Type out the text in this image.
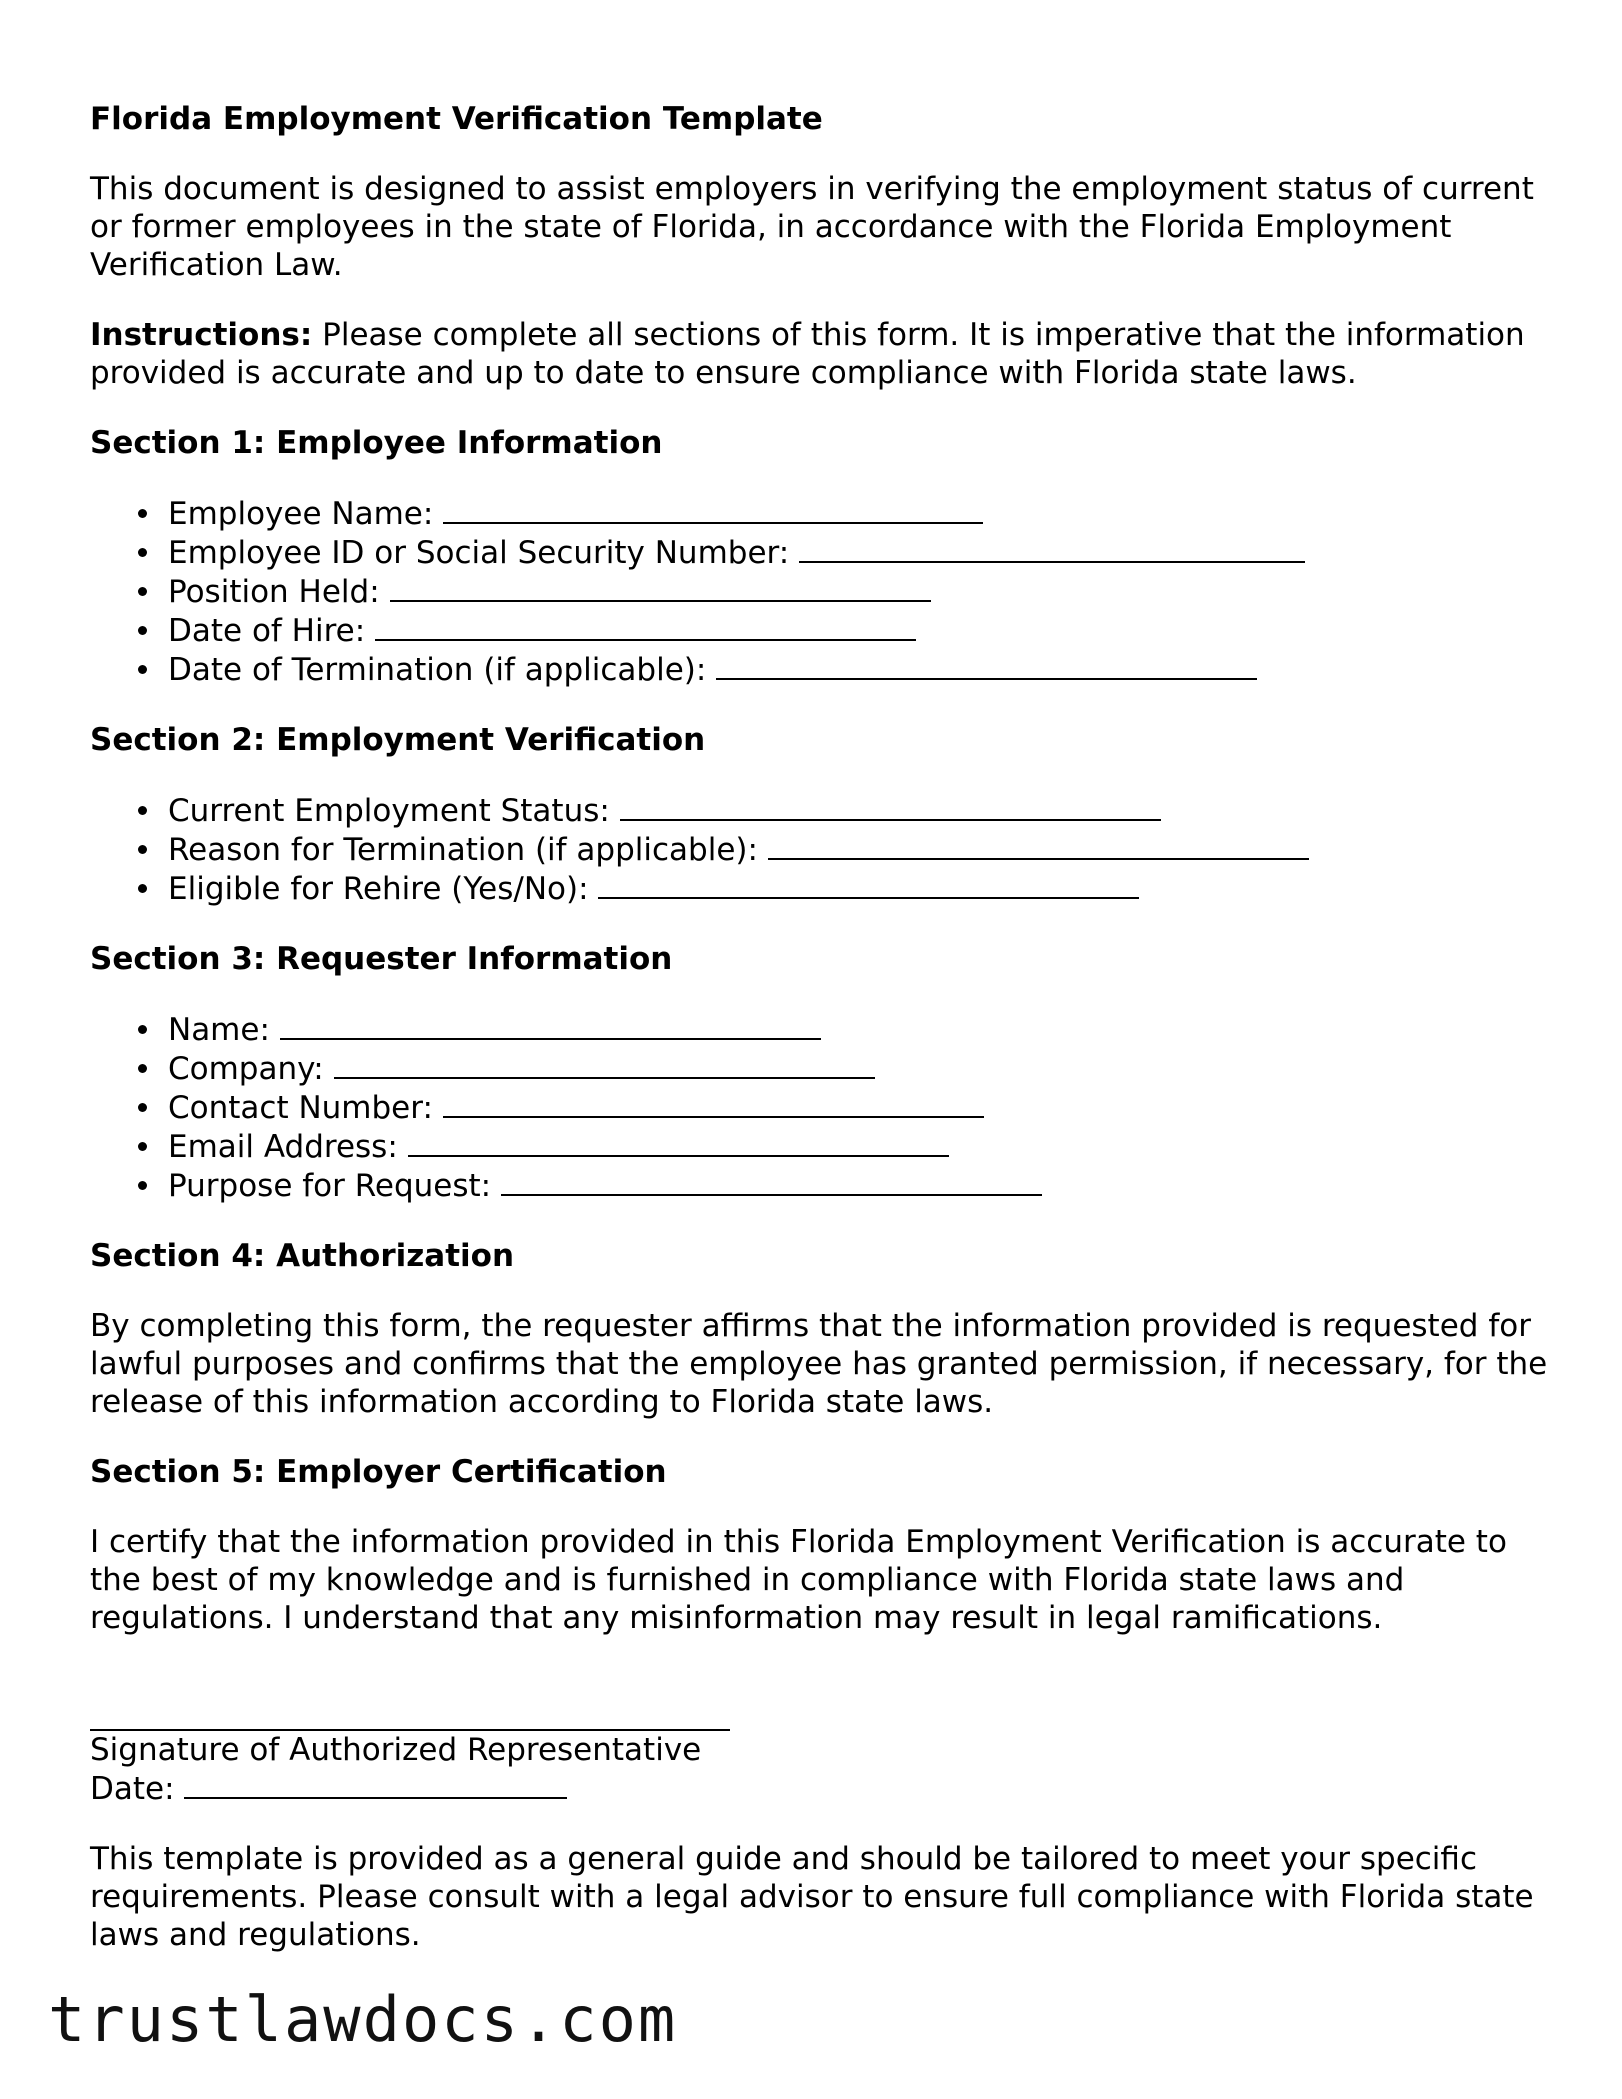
Florida Employment Verification Template

This document is designed to assist employers in verifying the employment status of current or former employees in the state of Florida, in accordance with the Florida Employment Verification Law.

Instructions: Please complete all sections of this form. It is imperative that the information provided is accurate and up to date to ensure compliance with Florida state laws.

Section 1: Employee Information
Employee Name:
Employee ID or Social Security Number:
Position Held:
Date of Hire:
Date of Termination (if applicable):
Section 2: Employment Verification
Current Employment Status:
Reason for Termination (if applicable):
Eligible for Rehire (Yes/No):
Section 3: Requester Information
Name:
Company:
Contact Number:
Email Address:
Purpose for Request:
Section 4: Authorization

By completing this form, the requester affirms that the information provided is requested for lawful purposes and confirms that the employee has granted permission, if necessary, for the release of this information according to Florida state laws.

Section 5: Employer Certification

I certify that the information provided in this Florida Employment Verification is accurate to the best of my knowledge and is furnished in compliance with Florida state laws and regulations. I understand that any misinformation may result in legal ramifications.

Signature of Authorized Representative
Date:

This template is provided as a general guide and should be tailored to meet your specific requirements. Please consult with a legal advisor to ensure full compliance with Florida state laws and regulations.

trustlawdocs.com
